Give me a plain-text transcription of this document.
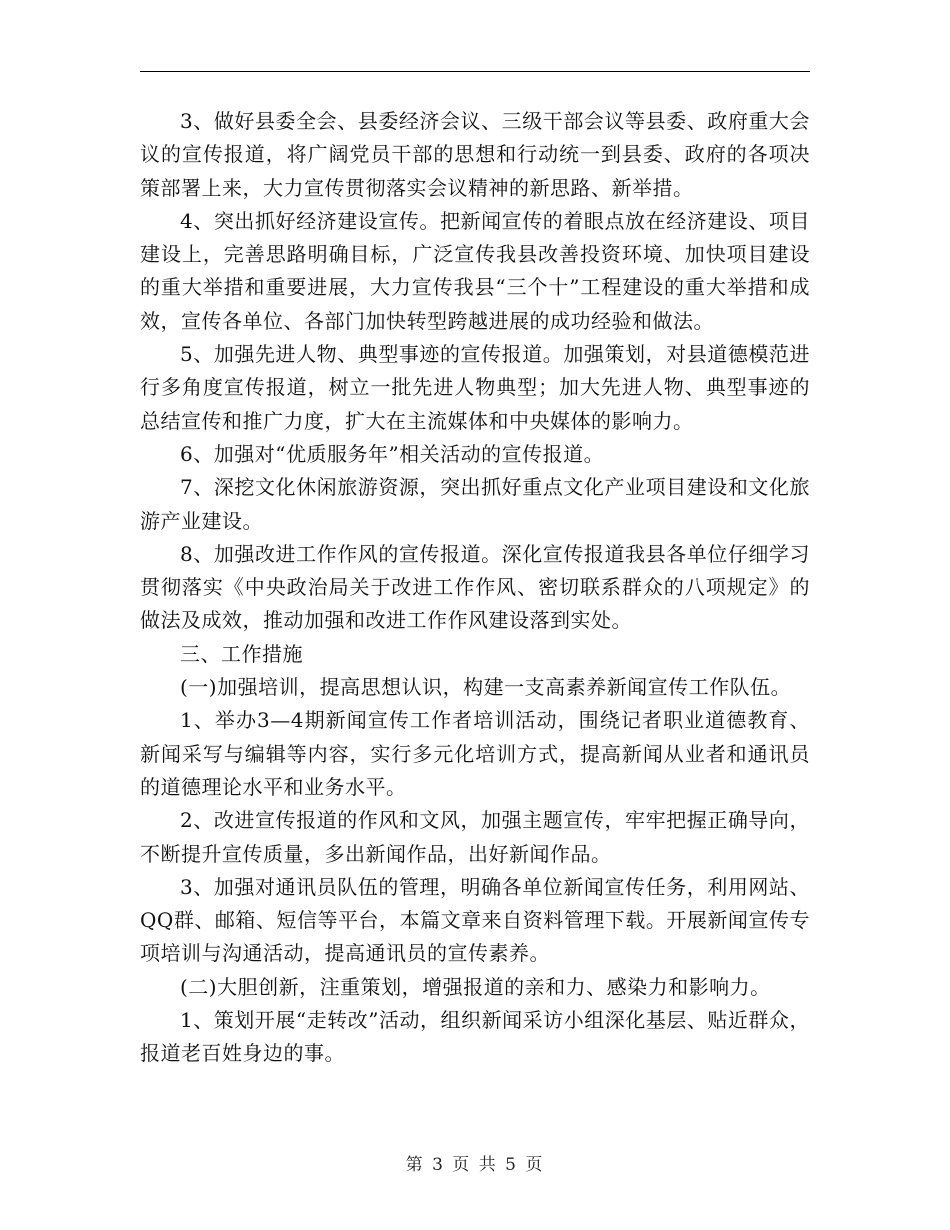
3、做好县委全会、县委经济会议、三级干部会议等县委、政府重大会议的宣传报道，将广阔党员干部的思想和行动统一到县委、政府的各项决策部署上来，大力宣传贯彻落实会议精神的新思路、新举措。

4、突出抓好经济建设宣传。把新闻宣传的着眼点放在经济建设、项目建设上，完善思路明确目标，广泛宣传我县改善投资环境、加快项目建设的重大举措和重要进展，大力宣传我县“三个十”工程建设的重大举措和成效，宣传各单位、各部门加快转型跨越进展的成功经验和做法。

5、加强先进人物、典型事迹的宣传报道。加强策划，对县道德模范进行多角度宣传报道，树立一批先进人物典型；加大先进人物、典型事迹的总结宣传和推广力度，扩大在主流媒体和中央媒体的影响力。

6、加强对“优质服务年”相关活动的宣传报道。

7、深挖文化休闲旅游资源，突出抓好重点文化产业项目建设和文化旅游产业建设。

8、加强改进工作作风的宣传报道。深化宣传报道我县各单位仔细学习贯彻落实《中央政治局关于改进工作作风、密切联系群众的八项规定》的做法及成效，推动加强和改进工作作风建设落到实处。

三、工作措施

(一)加强培训，提高思想认识，构建一支高素养新闻宣传工作队伍。

1、举办3—4期新闻宣传工作者培训活动，围绕记者职业道德教育、新闻采写与编辑等内容，实行多元化培训方式，提高新闻从业者和通讯员的道德理论水平和业务水平。

2、改进宣传报道的作风和文风，加强主题宣传，牢牢把握正确导向，不断提升宣传质量，多出新闻作品，出好新闻作品。

3、加强对通讯员队伍的管理，明确各单位新闻宣传任务，利用网站、QQ群、邮箱、短信等平台，本篇文章来自资料管理下载。开展新闻宣传专项培训与沟通活动，提高通讯员的宣传素养。

(二)大胆创新，注重策划，增强报道的亲和力、感染力和影响力。

1、策划开展“走转改”活动，组织新闻采访小组深化基层、贴近群众，报道老百姓身边的事。

第 3 页 共 5 页
